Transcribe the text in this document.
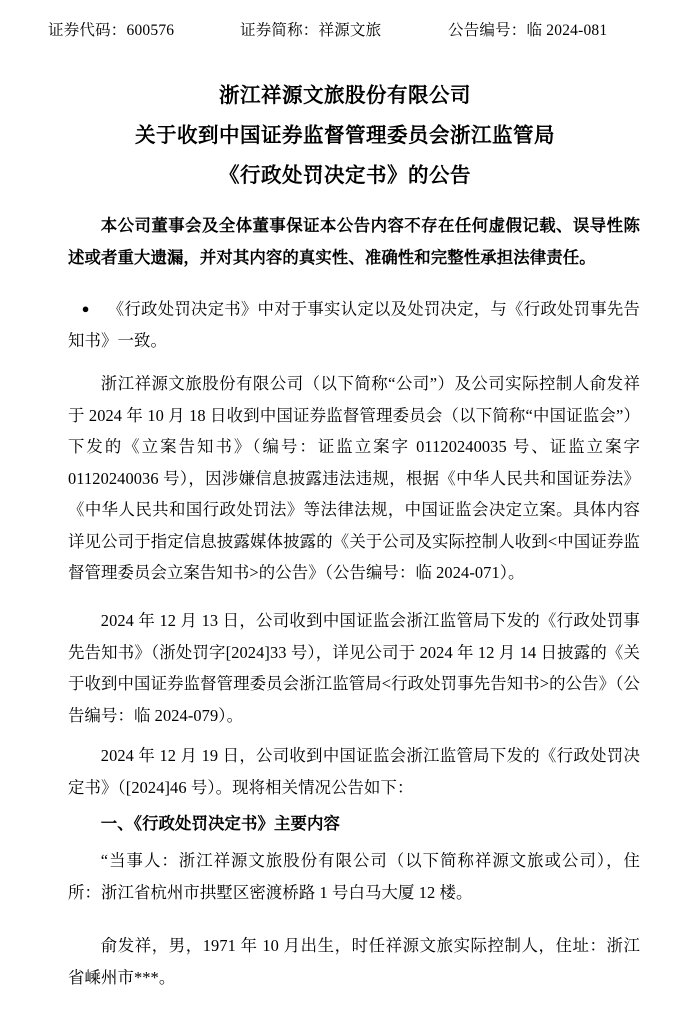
证券代码：600576	证券简称：祥源文旅	公告编号：临 2024-081
浙江祥源文旅股份有限公司
关于收到中国证券监督管理委员会浙江监管局
《行政处罚决定书》的公告
本公司董事会及全体董事保证本公告内容不存在任何虚假记载、误导性陈述或者重大遗漏，并对其内容的真实性、准确性和完整性承担法律责任。
● 《行政处罚决定书》中对于事实认定以及处罚决定，与《行政处罚事先告知书》一致。
浙江祥源文旅股份有限公司（以下简称“公司”）及公司实际控制人俞发祥于 2024 年 10 月 18 日收到中国证券监督管理委员会（以下简称“中国证监会”）下发的《立案告知书》（编号：证监立案字 01120240035 号、证监立案字 01120240036 号），因涉嫌信息披露违法违规，根据《中华人民共和国证券法》《中华人民共和国行政处罚法》等法律法规，中国证监会决定立案。具体内容详见公司于指定信息披露媒体披露的《关于公司及实际控制人收到<中国证券监督管理委员会立案告知书>的公告》（公告编号：临 2024-071）。
2024 年 12 月 13 日，公司收到中国证监会浙江监管局下发的《行政处罚事先告知书》（浙处罚字[2024]33 号），详见公司于 2024 年 12 月 14 日披露的《关于收到中国证券监督管理委员会浙江监管局<行政处罚事先告知书>的公告》（公告编号：临 2024-079）。
2024 年 12 月 19 日，公司收到中国证监会浙江监管局下发的《行政处罚决定书》（[2024]46 号）。现将相关情况公告如下：
一、《行政处罚决定书》主要内容
“当事人：浙江祥源文旅股份有限公司（以下简称祥源文旅或公司），住所：浙江省杭州市拱墅区密渡桥路 1 号白马大厦 12 楼。
俞发祥，男，1971 年 10 月出生，时任祥源文旅实际控制人，住址：浙江省嵊州市***。
